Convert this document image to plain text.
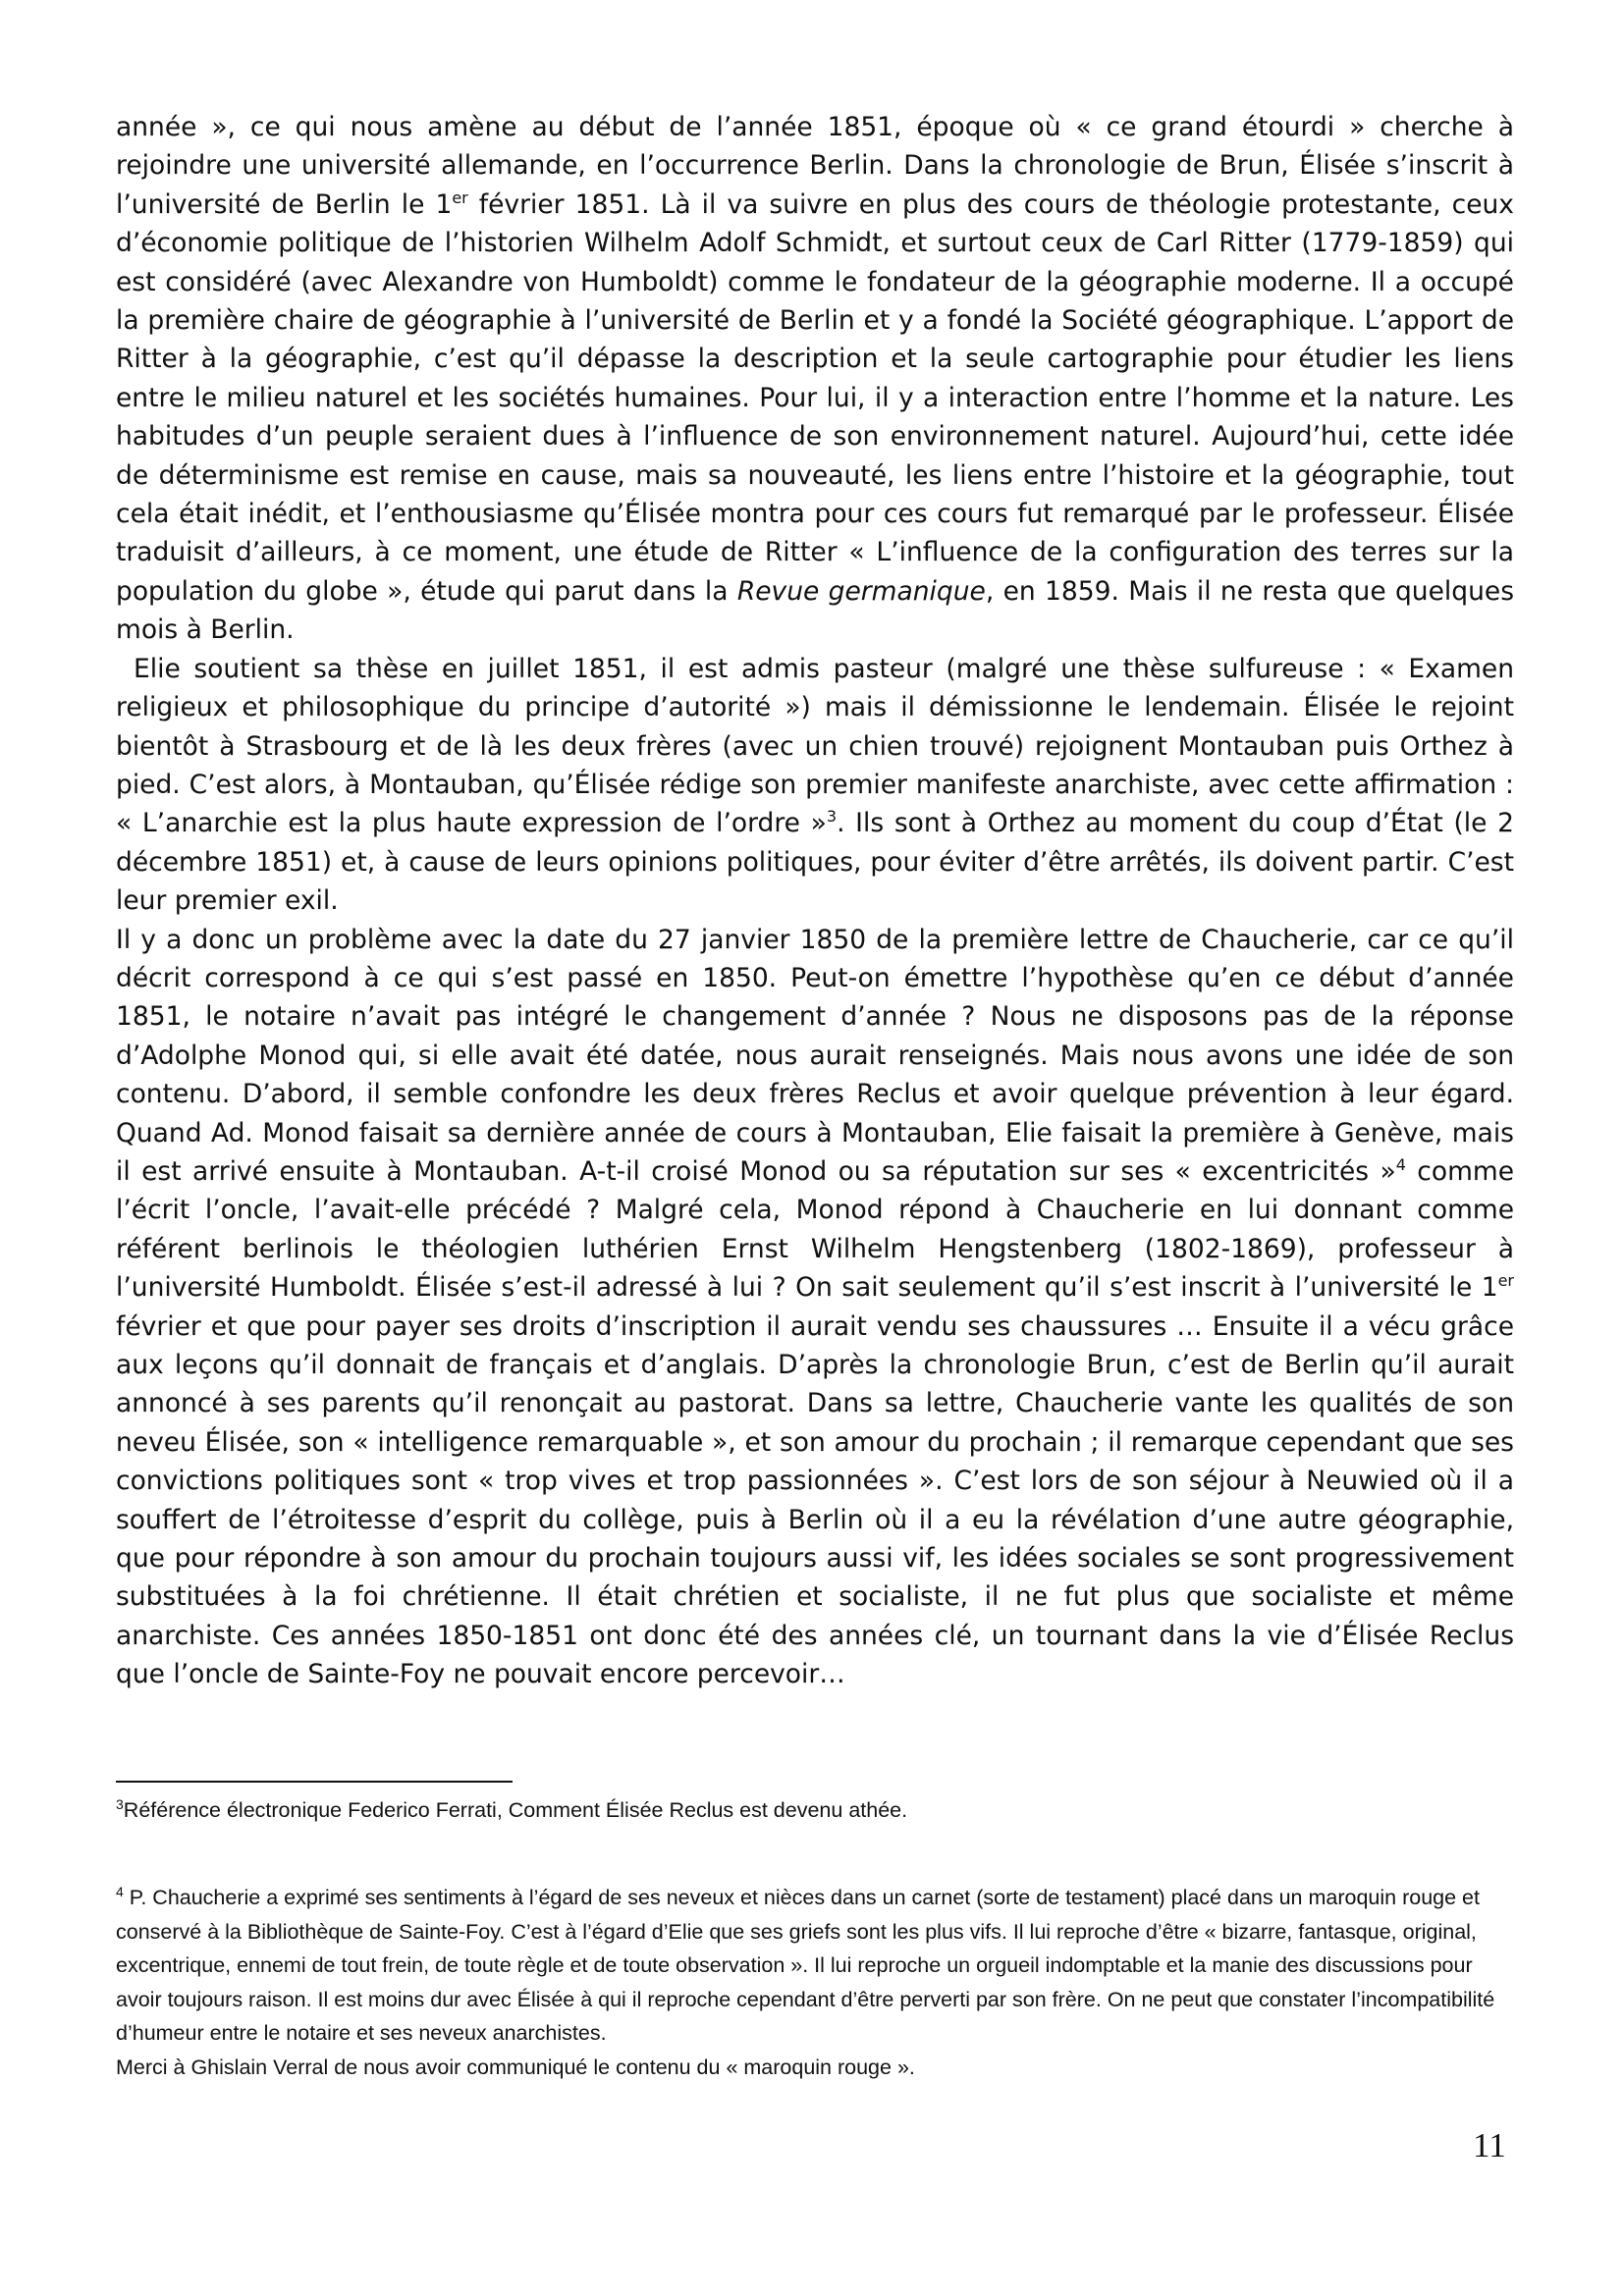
année », ce qui nous amène au début de l’année 1851, époque où « ce grand étourdi » cherche à rejoindre une université allemande, en l’occurrence Berlin. Dans la chronologie de Brun, Élisée s’inscrit à l’université de Berlin le 1er février 1851. Là il va suivre en plus des cours de théologie protestante, ceux d’économie politique de l’historien Wilhelm Adolf Schmidt, et surtout ceux de Carl Ritter (1779-1859) qui est considéré (avec Alexandre von Humboldt) comme le fondateur de la géographie moderne. Il a occupé la première chaire de géographie à l’université de Berlin et y a fondé la Société géographique. L’apport de Ritter à la géographie, c’est qu’il dépasse la description et la seule cartographie pour étudier les liens entre le milieu naturel et les sociétés humaines. Pour lui, il y a interaction entre l’homme et la nature. Les habitudes d’un peuple seraient dues à l’influence de son environnement naturel. Aujourd’hui, cette idée de déterminisme est remise en cause, mais sa nouveauté, les liens entre l’histoire et la géographie, tout cela était inédit, et l’enthousiasme qu’Élisée montra pour ces cours fut remarqué par le professeur. Élisée traduisit d’ailleurs, à ce moment, une étude de Ritter « L’influence de la configuration des terres sur la population du globe », étude qui parut dans la Revue germanique, en 1859. Mais il ne resta que quelques mois à Berlin.

Elie soutient sa thèse en juillet 1851, il est admis pasteur (malgré une thèse sulfureuse : « Examen religieux et philosophique du principe d’autorité ») mais il démissionne le lendemain. Élisée le rejoint bientôt à Strasbourg et de là les deux frères (avec un chien trouvé) rejoignent Montauban puis Orthez à pied. C’est alors, à Montauban, qu’Élisée rédige son premier manifeste anarchiste, avec cette affirmation : « L’anarchie est la plus haute expression de l’ordre »$^3$. Ils sont à Orthez au moment du coup d’État (le 2 décembre 1851) et, à cause de leurs opinions politiques, pour éviter d’être arrêtés, ils doivent partir. C’est leur premier exil.

Il y a donc un problème avec la date du 27 janvier 1850 de la première lettre de Chaucherie, car ce qu’il décrit correspond à ce qui s’est passé en 1850. Peut-on émettre l’hypothèse qu’en ce début d’année 1851, le notaire n’avait pas intégré le changement d’année ? Nous ne disposons pas de la réponse d’Adolphe Monod qui, si elle avait été datée, nous aurait renseignés. Mais nous avons une idée de son contenu. D’abord, il semble confondre les deux frères Reclus et avoir quelque prévention à leur égard. Quand Ad. Monod faisait sa dernière année de cours à Montauban, Elie faisait la première à Genève, mais il est arrivé ensuite à Montauban. A-t-il croisé Monod ou sa réputation sur ses « excentricités »$^4$ comme l’écrit l’oncle, l’avait-elle précédé ? Malgré cela, Monod répond à Chaucherie en lui donnant comme référent berlinois le théologien luthérien Ernst Wilhelm Hengstenberg (1802-1869), professeur à l’université Humboldt. Élisée s’est-il adressé à lui ? On sait seulement qu’il s’est inscrit à l’université le 1er février et que pour payer ses droits d’inscription il aurait vendu ses chaussures … Ensuite il a vécu grâce aux leçons qu’il donnait de français et d’anglais. D’après la chronologie Brun, c’est de Berlin qu’il aurait annoncé à ses parents qu’il renonçait au pastorat. Dans sa lettre, Chaucherie vante les qualités de son neveu Élisée, son « intelligence remarquable », et son amour du prochain ; il remarque cependant que ses convictions politiques sont « trop vives et trop passionnées ». C’est lors de son séjour à Neuwied où il a souffert de l’étroitesse d’esprit du collège, puis à Berlin où il a eu la révélation d’une autre géographie, que pour répondre à son amour du prochain toujours aussi vif, les idées sociales se sont progressivement substituées à la foi chrétienne. Il était chrétien et socialiste, il ne fut plus que socialiste et même anarchiste. Ces années 1850-1851 ont donc été des années clé, un tournant dans la vie d’Élisée Reclus que l’oncle de Sainte-Foy ne pouvait encore percevoir…

$^3$Référence électronique Federico Ferrati, Comment Élisée Reclus est devenu athée.

$^4$ P. Chaucherie a exprimé ses sentiments à l’égard de ses neveux et nièces dans un carnet (sorte de testament) placé dans un maroquin rouge et conservé à la Bibliothèque de Sainte-Foy. C’est à l’égard d’Elie que ses griefs sont les plus vifs. Il lui reproche d’être « bizarre, fantasque, original, excentrique, ennemi de tout frein, de toute règle et de toute observation ». Il lui reproche un orgueil indomptable et la manie des discussions pour avoir toujours raison. Il est moins dur avec Élisée à qui il reproche cependant d’être perverti par son frère. On ne peut que constater l’incompatibilité d’humeur entre le notaire et ses neveux anarchistes.

Merci à Ghislain Verral de nous avoir communiqué le contenu du « maroquin rouge ».

11
